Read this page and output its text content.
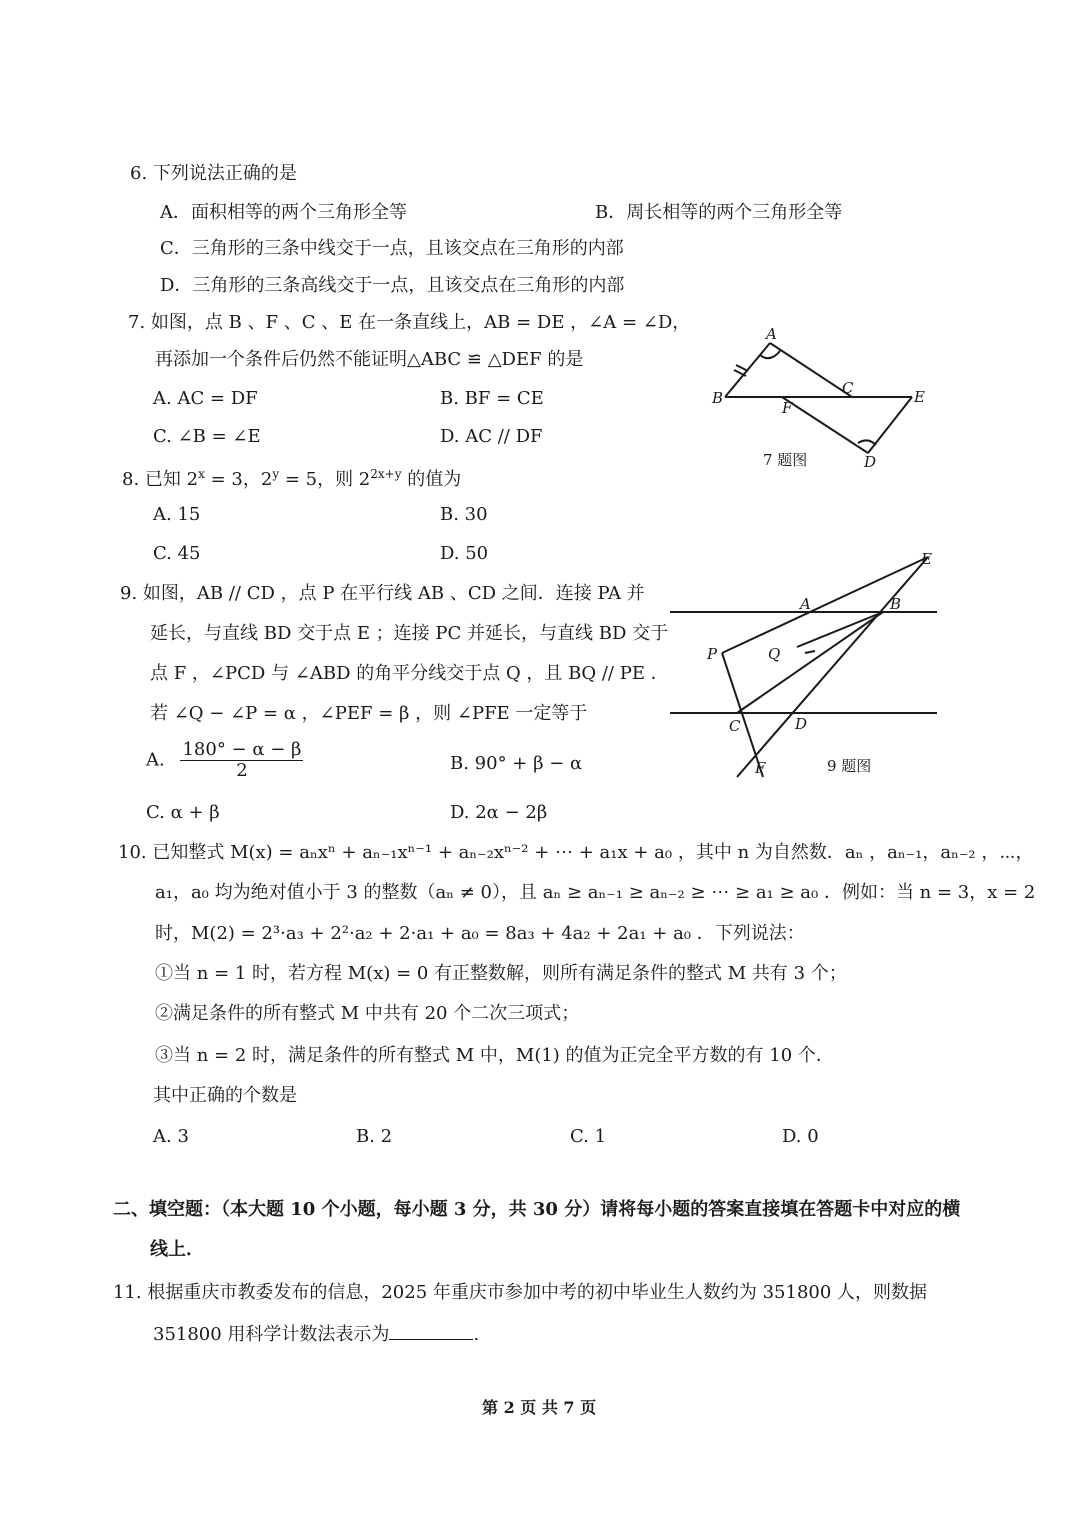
6. 下列说法正确的是
A．面积相等的两个三角形全等	B．周长相等的两个三角形全等
C．三角形的三条中线交于一点，且该交点在三角形的内部
D．三角形的三条高线交于一点，且该交点在三角形的内部
7. 如图，点 B 、F 、C 、E 在一条直线上，AB = DE ，∠A = ∠D，
再添加一个条件后仍然不能证明△ABC ≌ △DEF 的是
A. AC = DF	B. BF = CE
C. ∠B = ∠E	D. AC // DF
A
B
C
D
E
F
7 题图
8. 已知 $2^x = 3$，$2^y = 5$，则 $2^{2x+y}$ 的值为
A. 15	B. 30
C. 45	D. 50
9. 如图，AB // CD ，点 P 在平行线 AB 、CD 之间．连接 PA 并
延长，与直线 BD 交于点 E ；连接 PC 并延长，与直线 BD 交于
点 F ，∠PCD 与 ∠ABD 的角平分线交于点 Q ，且 BQ // PE ．
若 ∠Q − ∠P = α ，∠PEF = β ，则 ∠PFE 一定等于
A. $\frac{180^\circ - \alpha - \beta}{2}$	B. 90° + β − α
C. α + β	D. 2α − 2β
E
A	B
P	Q
C	D
F	9 题图
10. 已知整式 M(x) = aₙxⁿ + aₙ₋₁xⁿ⁻¹ + aₙ₋₂xⁿ⁻² + ⋯ + a₁x + a₀ ，其中 n 为自然数．aₙ ，aₙ₋₁，aₙ₋₂ ，⋯，
a₁，a₀ 均为绝对值小于 3 的整数（aₙ ≠ 0），且 aₙ ≥ aₙ₋₁ ≥ aₙ₋₂ ≥ ⋯ ≥ a₁ ≥ a₀ ．例如：当 n = 3，x = 2
时，M(2) = 2³·a₃ + 2²·a₂ + 2·a₁ + a₀ = 8a₃ + 4a₂ + 2a₁ + a₀ ．下列说法：
①当 n = 1 时，若方程 M(x) = 0 有正整数解，则所有满足条件的整式 M 共有 3 个；
②满足条件的所有整式 M 中共有 20 个二次三项式；
③当 n = 2 时，满足条件的所有整式 M 中，M(1) 的值为正完全平方数的有 10 个．
其中正确的个数是
A. 3	B. 2	C. 1	D. 0
二、填空题：（本大题 10 个小题，每小题 3 分，共 30 分）请将每小题的答案直接填在答题卡中对应的横
线上．
11. 根据重庆市教委发布的信息，2025 年重庆市参加中考的初中毕业生人数约为 351800 人，则数据
351800 用科学计数法表示为	.
第 2 页 共 7 页
